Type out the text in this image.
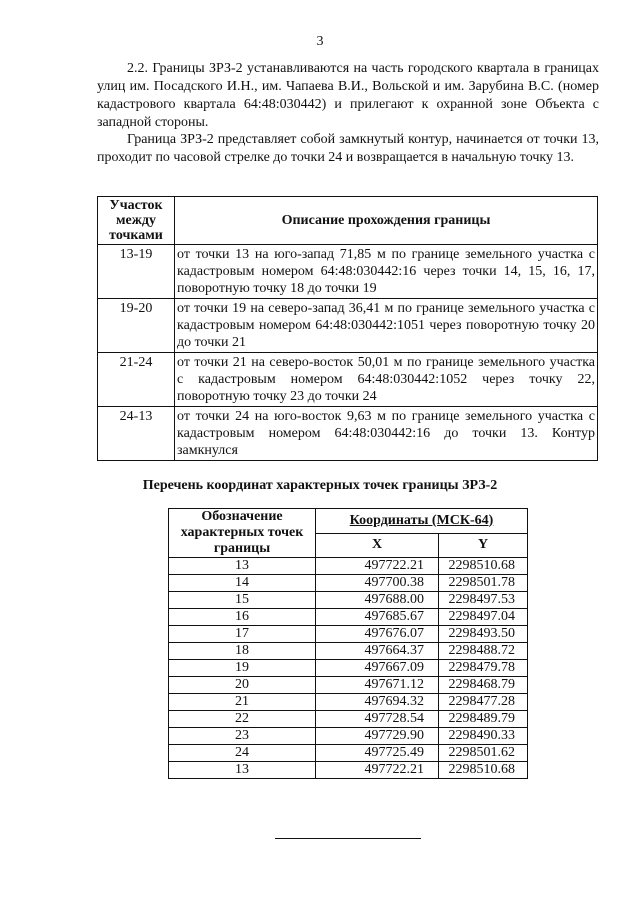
3

2.2. Границы ЗРЗ-2 устанавливаются на часть городского квартала в границах улиц им. Посадского И.Н., им. Чапаева В.И., Вольской и им. Зарубина В.С. (номер кадастрового квартала 64:48:030442) и прилегают к охранной зоне Объекта с западной стороны.

Граница ЗРЗ-2 представляет собой замкнутый контур, начинается от точки 13, проходит по часовой стрелке до точки 24 и возвращается в начальную точку 13.

Участок между точками	Описание прохождения границы
13-19	от точки 13 на юго-запад 71,85 м по границе земельного участка с кадастровым номером 64:48:030442:16 через точки 14, 15, 16, 17, поворотную точку 18 до точки 19
19-20	от точки 19 на северо-запад 36,41 м по границе земельного участка с кадастровым номером 64:48:030442:1051 через поворотную точку 20 до точки 21
21-24	от точки 21 на северо-восток 50,01 м по границе земельного участка с кадастровым номером 64:48:030442:1052 через точку 22, поворотную точку 23 до точки 24
24-13	от точки 24 на юго-восток 9,63 м по границе земельного участка с кадастровым номером 64:48:030442:16 до точки 13. Контур замкнулся
Перечень координат характерных точек границы ЗРЗ-2
Обозначение характерных точек границы	Координаты (МСК-64)	
	X	Y
13	497722.21	2298510.68
14	497700.38	2298501.78
15	497688.00	2298497.53
16	497685.67	2298497.04
17	497676.07	2298493.50
18	497664.37	2298488.72
19	497667.09	2298479.78
20	497671.12	2298468.79
21	497694.32	2298477.28
22	497728.54	2298489.79
23	497729.90	2298490.33
24	497725.49	2298501.62
13	497722.21	2298510.68
